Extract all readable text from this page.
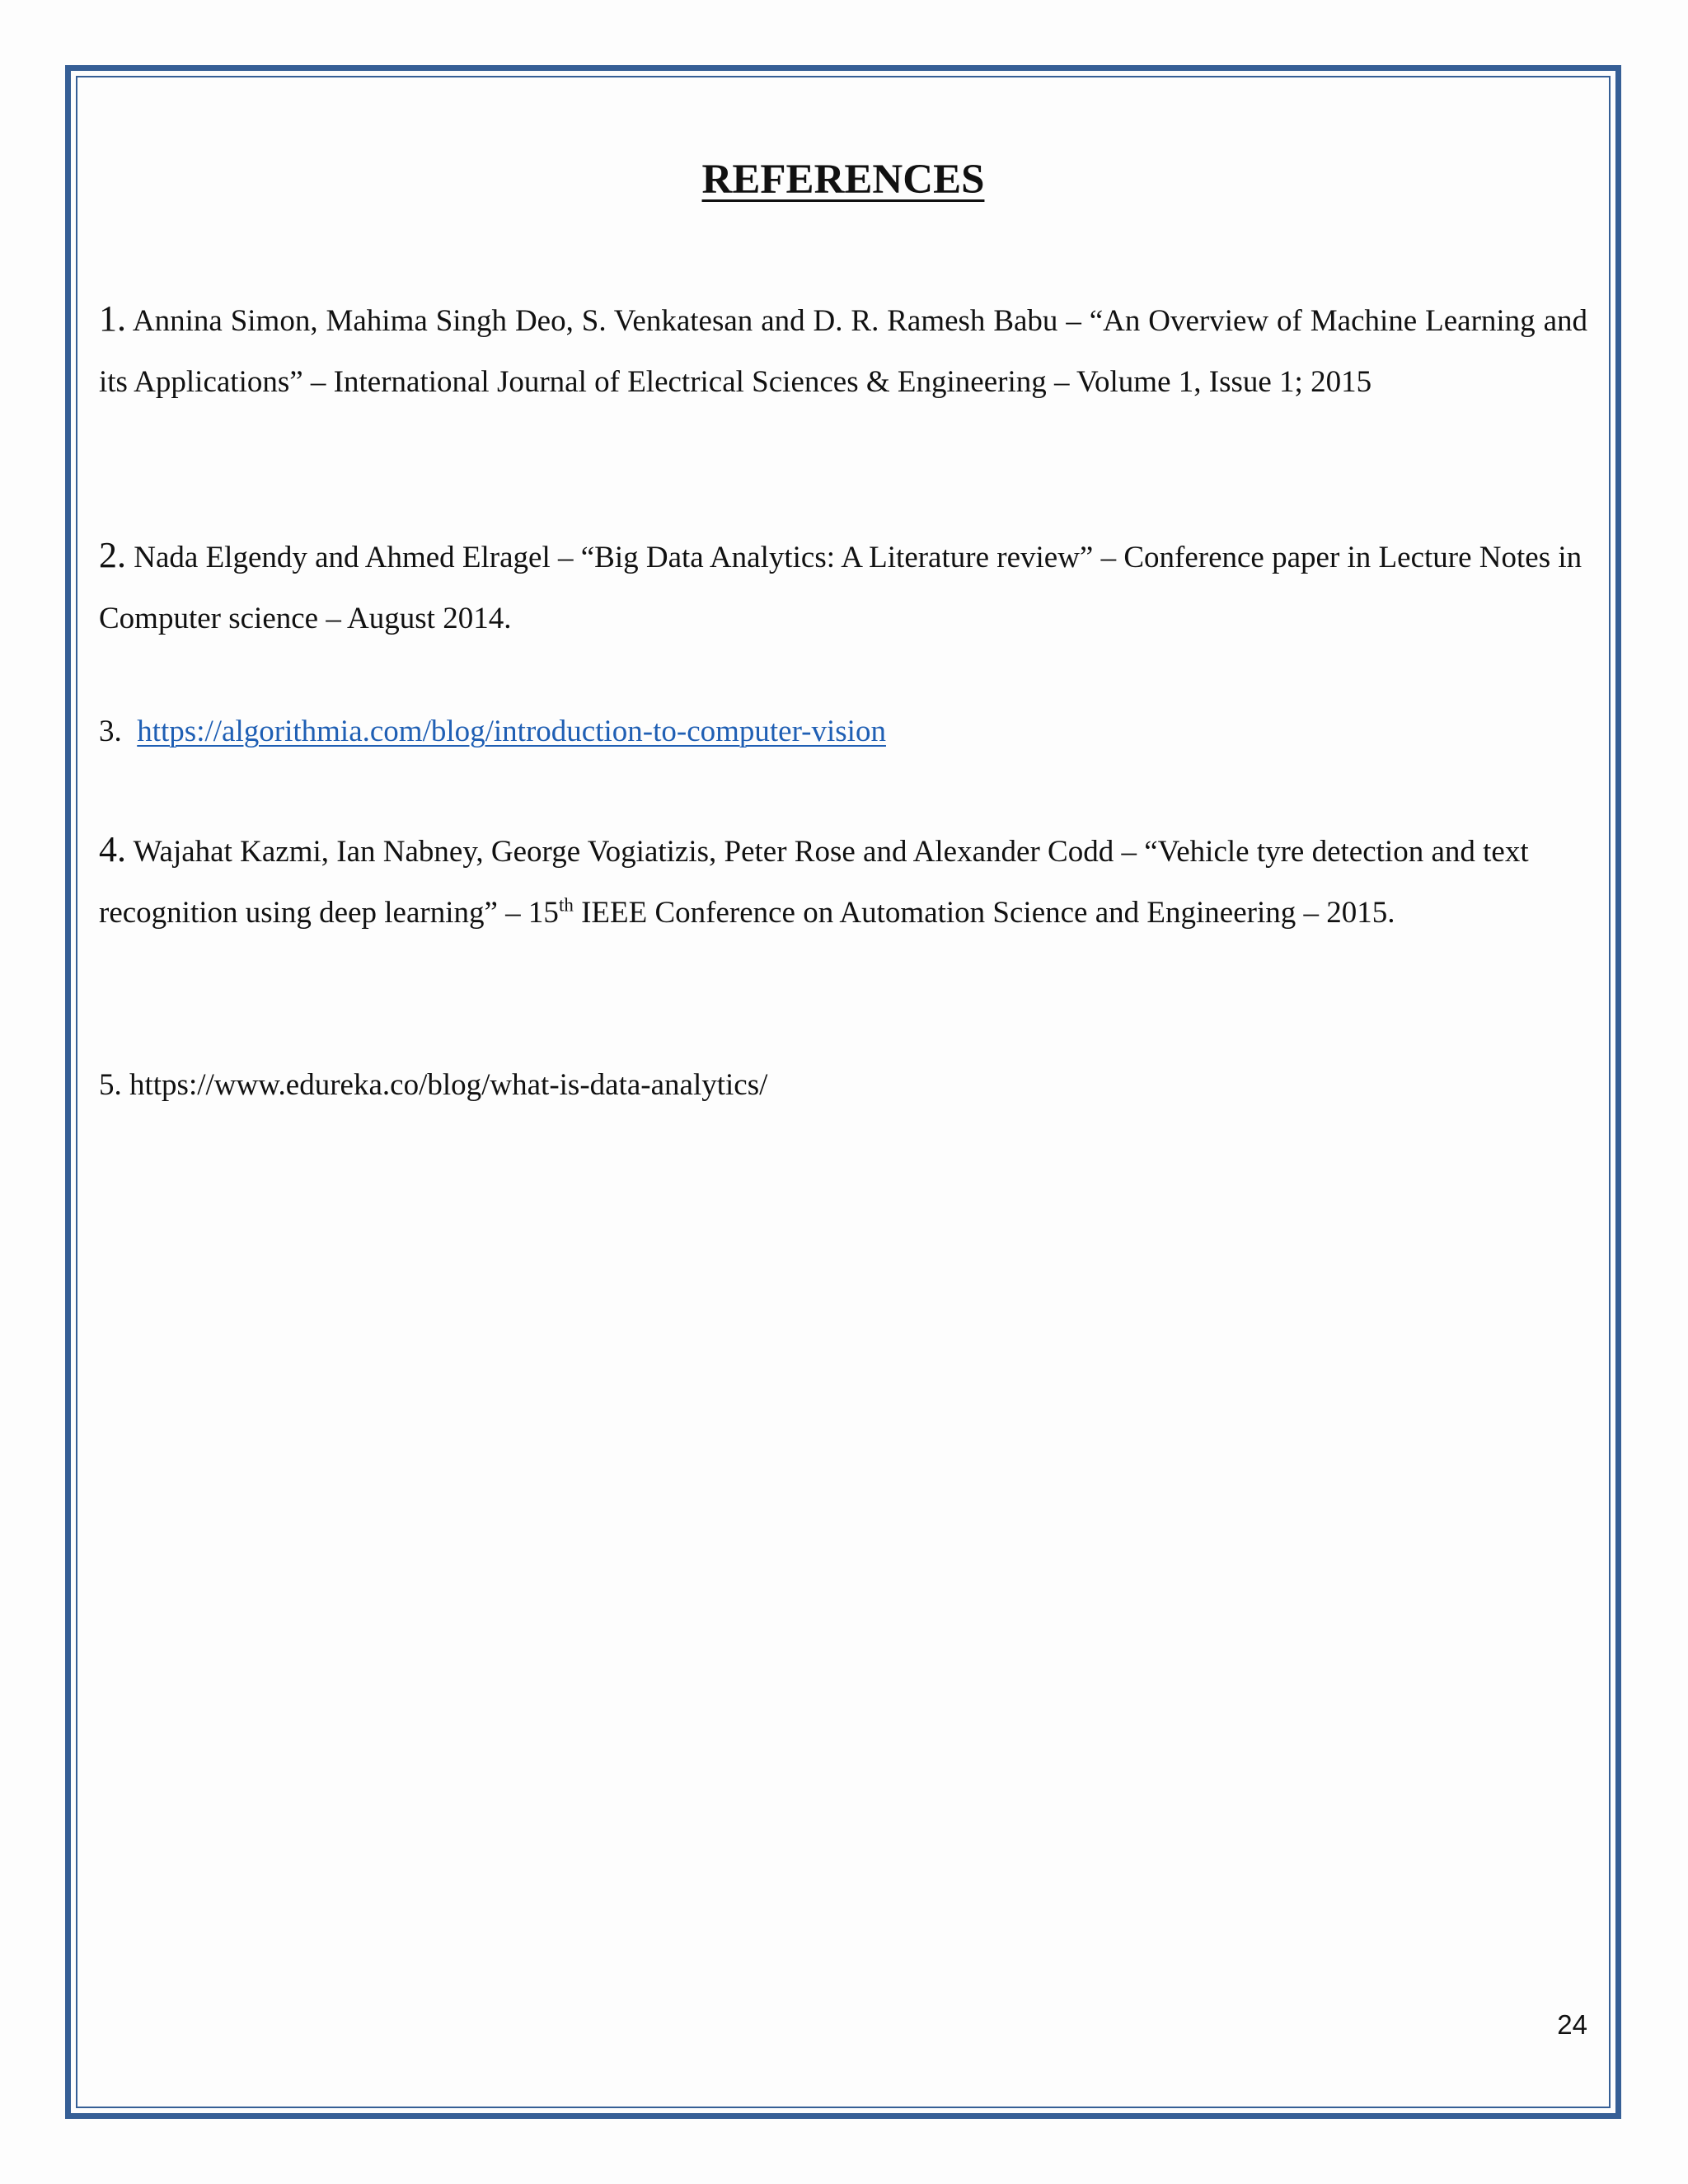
REFERENCES
1. Annina Simon, Mahima Singh Deo, S. Venkatesan and D. R. Ramesh Babu – “An Overview of Machine Learning and its Applications” – International Journal of Electrical Sciences & Engineering – Volume 1, Issue 1; 2015
2. Nada Elgendy and Ahmed Elragel – “Big Data Analytics: A Literature review” – Conference paper in Lecture Notes in Computer science – August 2014.
3. https://algorithmia.com/blog/introduction-to-computer-vision
4. Wajahat Kazmi, Ian Nabney, George Vogiatizis, Peter Rose and Alexander Codd – “Vehicle tyre detection and text recognition using deep learning” – 15th IEEE Conference on Automation Science and Engineering – 2015.
5. https://www.edureka.co/blog/what-is-data-analytics/
24
